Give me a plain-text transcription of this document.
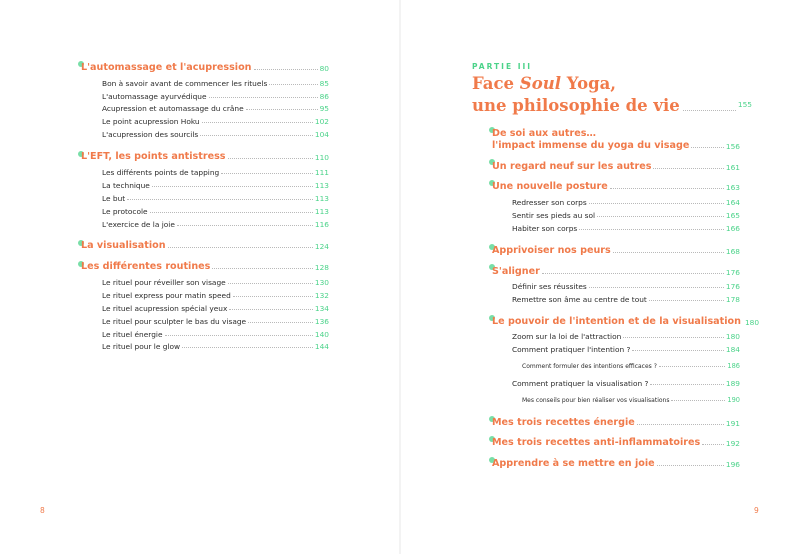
L'automassage et l'acupression	80
Bon à savoir avant de commencer les rituels	85
L'automassage ayurvédique	86
Acupression et automassage du crâne	95
Le point acupression Hoku	102
L'acupression des sourcils	104
L'EFT, les points antistress	110
Les différents points de tapping	111
La technique	113
Le but	113
Le protocole	113
L'exercice de la joie	116
La visualisation	124
Les différentes routines	128
Le rituel pour réveiller son visage	130
Le rituel express pour matin speed	132
Le rituel acupression spécial yeux	134
Le rituel pour sculpter le bas du visage	136
Le rituel énergie	140
Le rituel pour le glow	144
8
PARTIE III
Face Soul Yoga,
une philosophie de vie	155
De soi aux autres…
l'impact immense du yoga du visage	156
Un regard neuf sur les autres	161
Une nouvelle posture	163
Redresser son corps	164
Sentir ses pieds au sol	165
Habiter son corps	166
Apprivoiser nos peurs	168
S'aligner	176
Définir ses réussites	176
Remettre son âme au centre de tout	178
Le pouvoir de l'intention et de la visualisation 180
Zoom sur la loi de l'attraction	180
Comment pratiquer l'intention ?	184
Comment formuler des intentions efficaces ?	186
Comment pratiquer la visualisation ?	189
Mes conseils pour bien réaliser vos visualisations	190
Mes trois recettes énergie	191
Mes trois recettes anti-inflammatoires	192
Apprendre à se mettre en joie	196
9
